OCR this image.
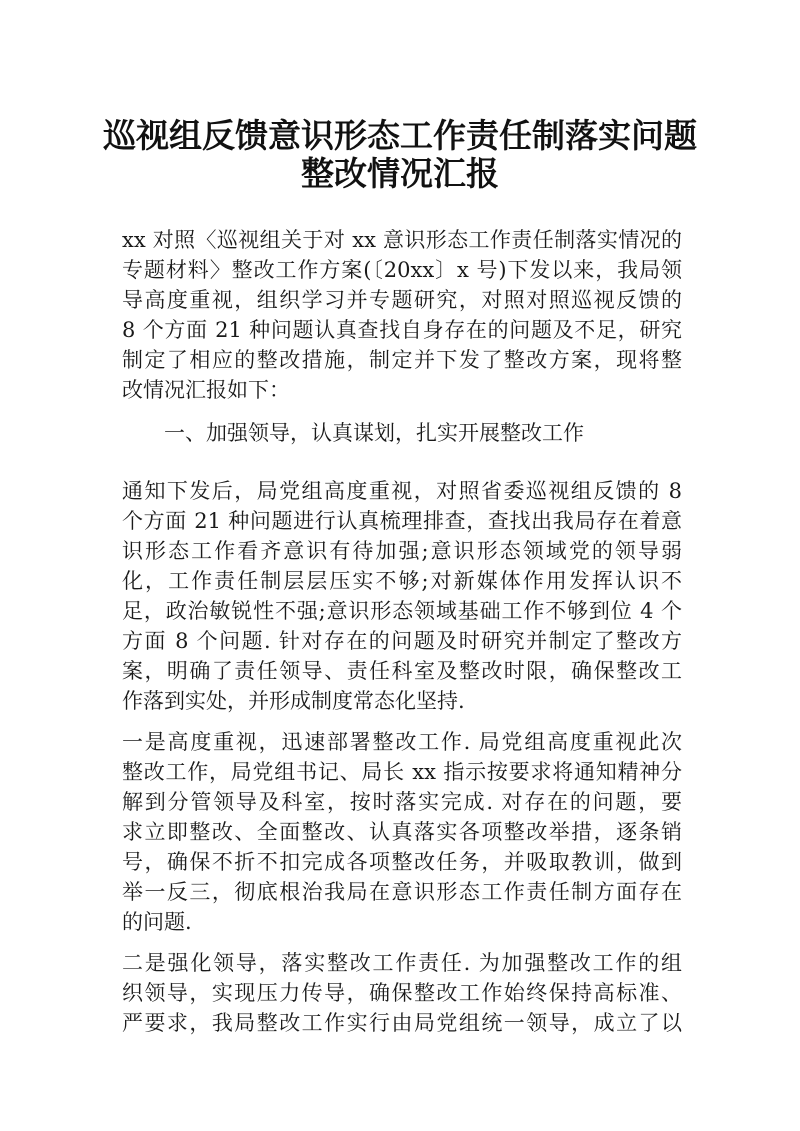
巡视组反馈意识形态工作责任制落实问题
整改情况汇报
xx 对照〈巡视组关于对 xx 意识形态工作责任制落实情况的
专题材料〉整改工作方案(〔20xx〕x 号)下发以来，我局领
导高度重视，组织学习并专题研究，对照对照巡视反馈的
8 个方面 21 种问题认真查找自身存在的问题及不足，研究
制定了相应的整改措施，制定并下发了整改方案，现将整
改情况汇报如下：
一、加强领导，认真谋划，扎实开展整改工作
通知下发后，局党组高度重视，对照省委巡视组反馈的 8
个方面 21 种问题进行认真梳理排查，查找出我局存在着意
识形态工作看齐意识有待加强;意识形态领域党的领导弱
化，工作责任制层层压实不够;对新媒体作用发挥认识不
足，政治敏锐性不强;意识形态领域基础工作不够到位 4 个
方面 8 个问题. 针对存在的问题及时研究并制定了整改方
案，明确了责任领导、责任科室及整改时限，确保整改工
作落到实处，并形成制度常态化坚持.
一是高度重视，迅速部署整改工作. 局党组高度重视此次
整改工作，局党组书记、局长 xx 指示按要求将通知精神分
解到分管领导及科室，按时落实完成. 对存在的问题，要
求立即整改、全面整改、认真落实各项整改举措，逐条销
号，确保不折不扣完成各项整改任务，并吸取教训，做到
举一反三，彻底根治我局在意识形态工作责任制方面存在
的问题.
二是强化领导，落实整改工作责任. 为加强整改工作的组
织领导，实现压力传导，确保整改工作始终保持高标准、
严要求，我局整改工作实行由局党组统一领导，成立了以
